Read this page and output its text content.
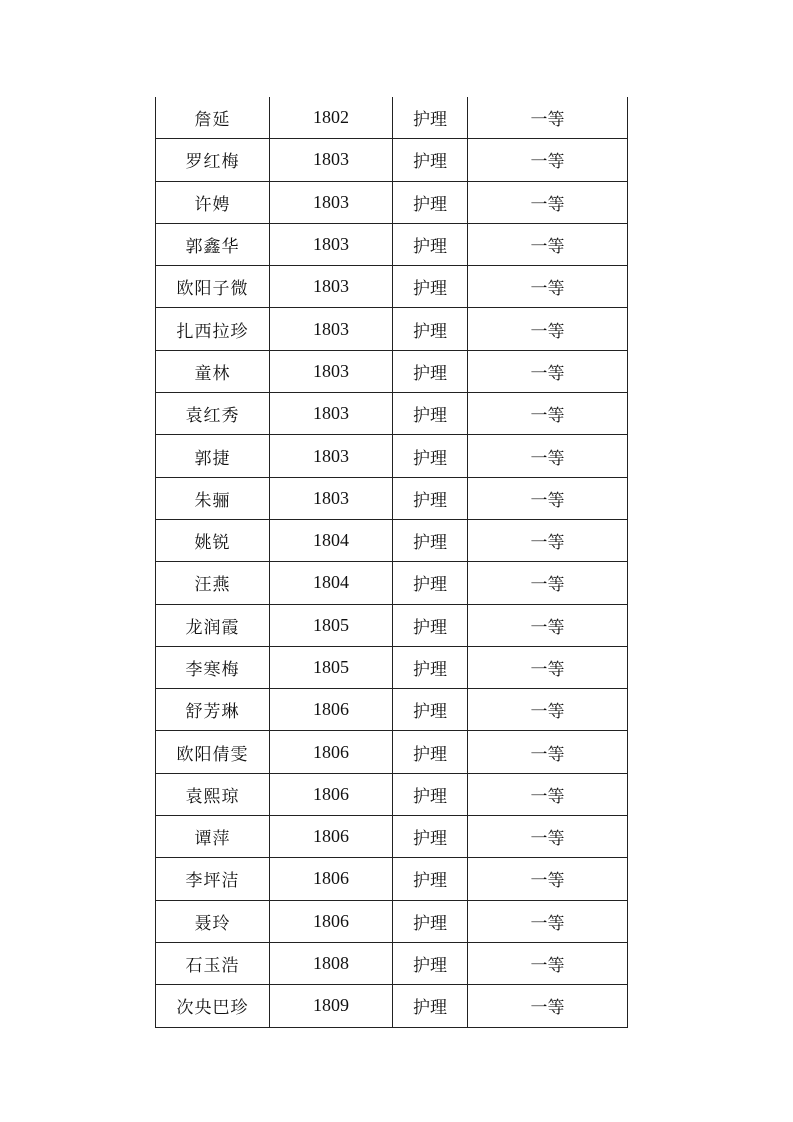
詹延	1802	护理	一等
罗红梅	1803	护理	一等
许娉	1803	护理	一等
郭鑫华	1803	护理	一等
欧阳子微	1803	护理	一等
扎西拉珍	1803	护理	一等
童林	1803	护理	一等
袁红秀	1803	护理	一等
郭捷	1803	护理	一等
朱骊	1803	护理	一等
姚锐	1804	护理	一等
汪燕	1804	护理	一等
龙润霞	1805	护理	一等
李寒梅	1805	护理	一等
舒芳琳	1806	护理	一等
欧阳倩雯	1806	护理	一等
袁熙琼	1806	护理	一等
谭萍	1806	护理	一等
李坪洁	1806	护理	一等
聂玲	1806	护理	一等
石玉浩	1808	护理	一等
次央巴珍	1809	护理	一等
